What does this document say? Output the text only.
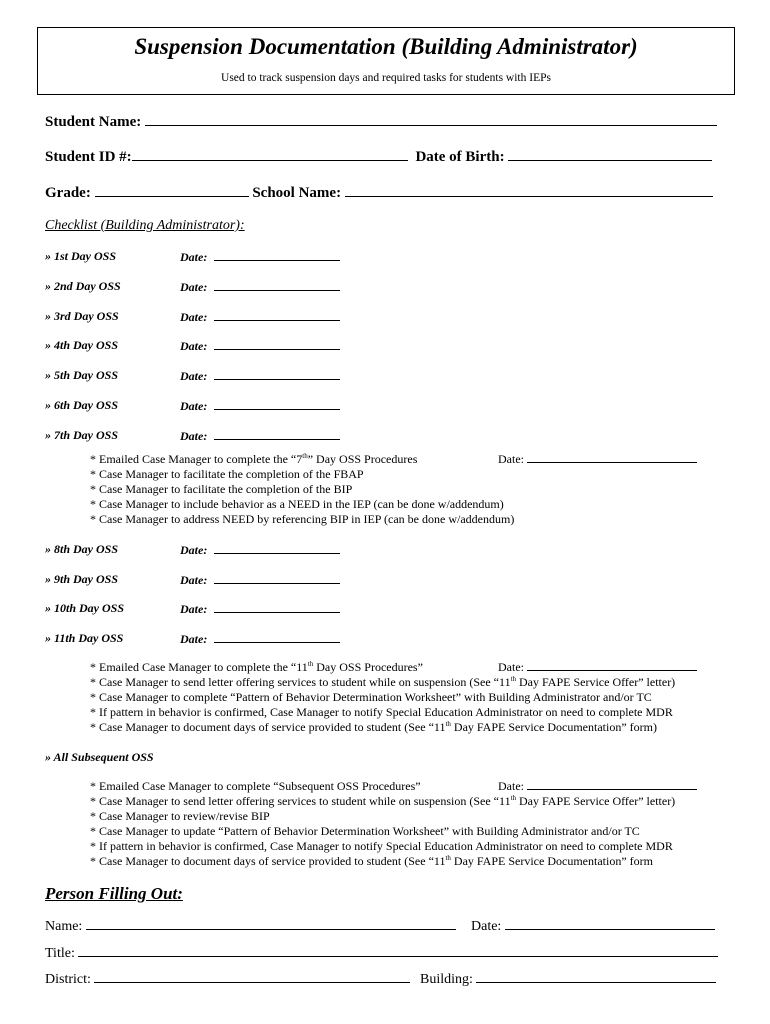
Suspension Documentation (Building Administrator)
Used to track suspension days and required tasks for students with IEPs
Student Name:
Student ID #:	Date of Birth:
Grade:	School Name:
Checklist (Building Administrator):
» 1st Day OSS	Date:
» 2nd Day OSS	Date:
» 3rd Day OSS	Date:
» 4th Day OSS	Date:
» 5th Day OSS	Date:
» 6th Day OSS	Date:
» 7th Day OSS	Date:
* Emailed Case Manager to complete the “7th” Day OSS Procedures	Date:
* Case Manager to facilitate the completion of the FBAP
* Case Manager to facilitate the completion of the BIP
* Case Manager to include behavior as a NEED in the IEP (can be done w/addendum)
* Case Manager to address NEED by referencing BIP in IEP (can be done w/addendum)
» 8th Day OSS	Date:
» 9th Day OSS	Date:
» 10th Day OSS	Date:
» 11th Day OSS	Date:
* Emailed Case Manager to complete the “11th Day OSS Procedures”	Date:
* Case Manager to send letter offering services to student while on suspension (See “11th Day FAPE Service Offer” letter)
* Case Manager to complete “Pattern of Behavior Determination Worksheet” with Building Administrator and/or TC
* If pattern in behavior is confirmed, Case Manager to notify Special Education Administrator on need to complete MDR
* Case Manager to document days of service provided to student (See “11th Day FAPE Service Documentation” form)
» All Subsequent OSS
* Emailed Case Manager to complete “Subsequent OSS Procedures”	Date:
* Case Manager to send letter offering services to student while on suspension (See “11th Day FAPE Service Offer” letter)
* Case Manager to review/revise BIP
* Case Manager to update “Pattern of Behavior Determination Worksheet” with Building Administrator and/or TC
* If pattern in behavior is confirmed, Case Manager to notify Special Education Administrator on need to complete MDR
* Case Manager to document days of service provided to student (See “11th Day FAPE Service Documentation” form
Person Filling Out:
Name:	Date:
Title:
District:	Building:
